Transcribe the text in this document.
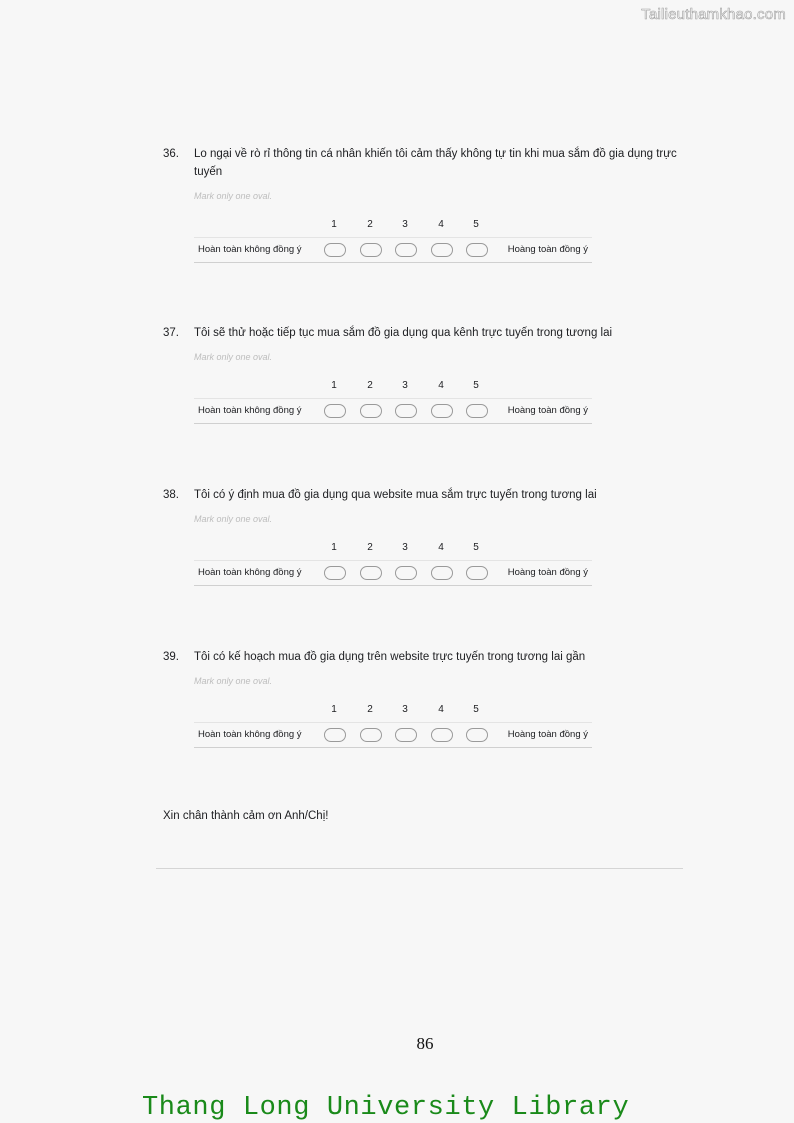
Tailieuthamkhao.com
36. Lo ngại về rò rỉ thông tin cá nhân khiến tôi cảm thấy không tự tin khi mua sắm đồ gia dụng trực tuyến
Mark only one oval.
1	2	3	4	5
Hoàn toàn không đồng ý	Hoàng toàn đồng ý
37. Tôi sẽ thử hoặc tiếp tục mua sắm đồ gia dụng qua kênh trực tuyến trong tương lai
Mark only one oval.
1	2	3	4	5
Hoàn toàn không đồng ý	Hoàng toàn đồng ý
38. Tôi có ý định mua đồ gia dụng qua website mua sắm trực tuyến trong tương lai
Mark only one oval.
1	2	3	4	5
Hoàn toàn không đồng ý	Hoàng toàn đồng ý
39. Tôi có kế hoạch mua đồ gia dụng trên website trực tuyến trong tương lai gần
Mark only one oval.
1	2	3	4	5
Hoàn toàn không đồng ý	Hoàng toàn đồng ý
Xin chân thành cảm ơn Anh/Chị!
86
Thang Long University Library
